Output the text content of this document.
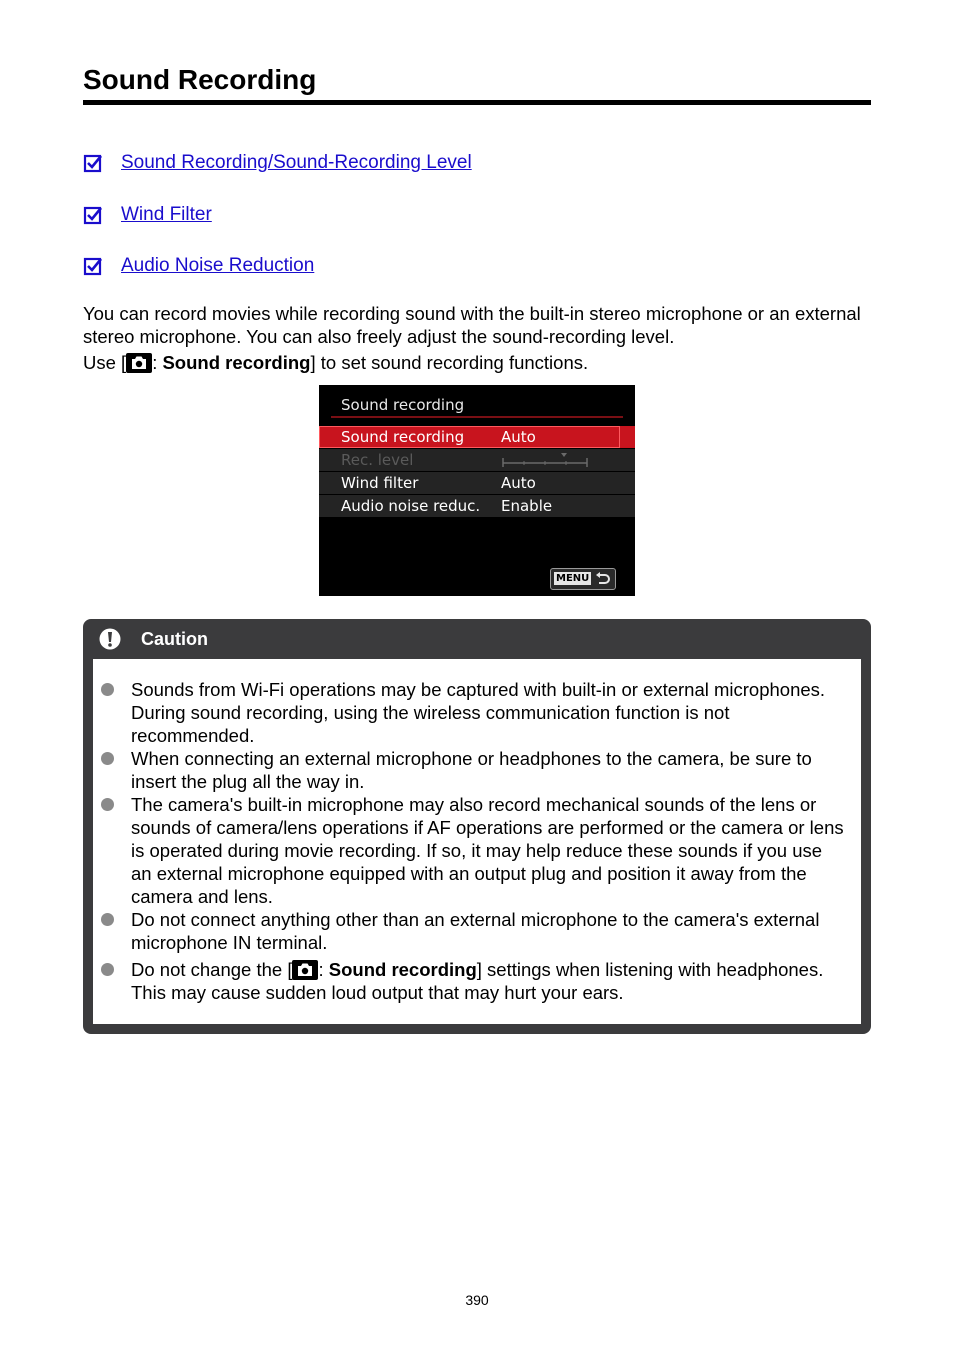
Sound Recording
Sound Recording/Sound-Recording Level
Wind Filter
Audio Noise Reduction

You can record movies while recording sound with the built-in stereo microphone or an external stereo microphone. You can also freely adjust the sound-recording level.

Use [ : Sound recording] to set sound recording functions.

Sound recording
Sound recording Auto
Rec. level
Wind filter	Auto
Audio noise reduc. Enable
MENU
Caution
Sounds from Wi-Fi operations may be captured with built-in or external microphones. During sound recording, using the wireless communication function is not recommended.
When connecting an external microphone or headphones to the camera, be sure to insert the plug all the way in.
The camera's built-in microphone may also record mechanical sounds of the lens or sounds of camera/lens operations if AF operations are performed or the camera or lens is operated during movie recording. If so, it may help reduce these sounds if you use an external microphone equipped with an output plug and position it away from the camera and lens.
Do not connect anything other than an external microphone to the camera's external microphone IN terminal.
Do not change the [ : Sound recording] settings when listening with headphones. This may cause sudden loud output that may hurt your ears.
390
